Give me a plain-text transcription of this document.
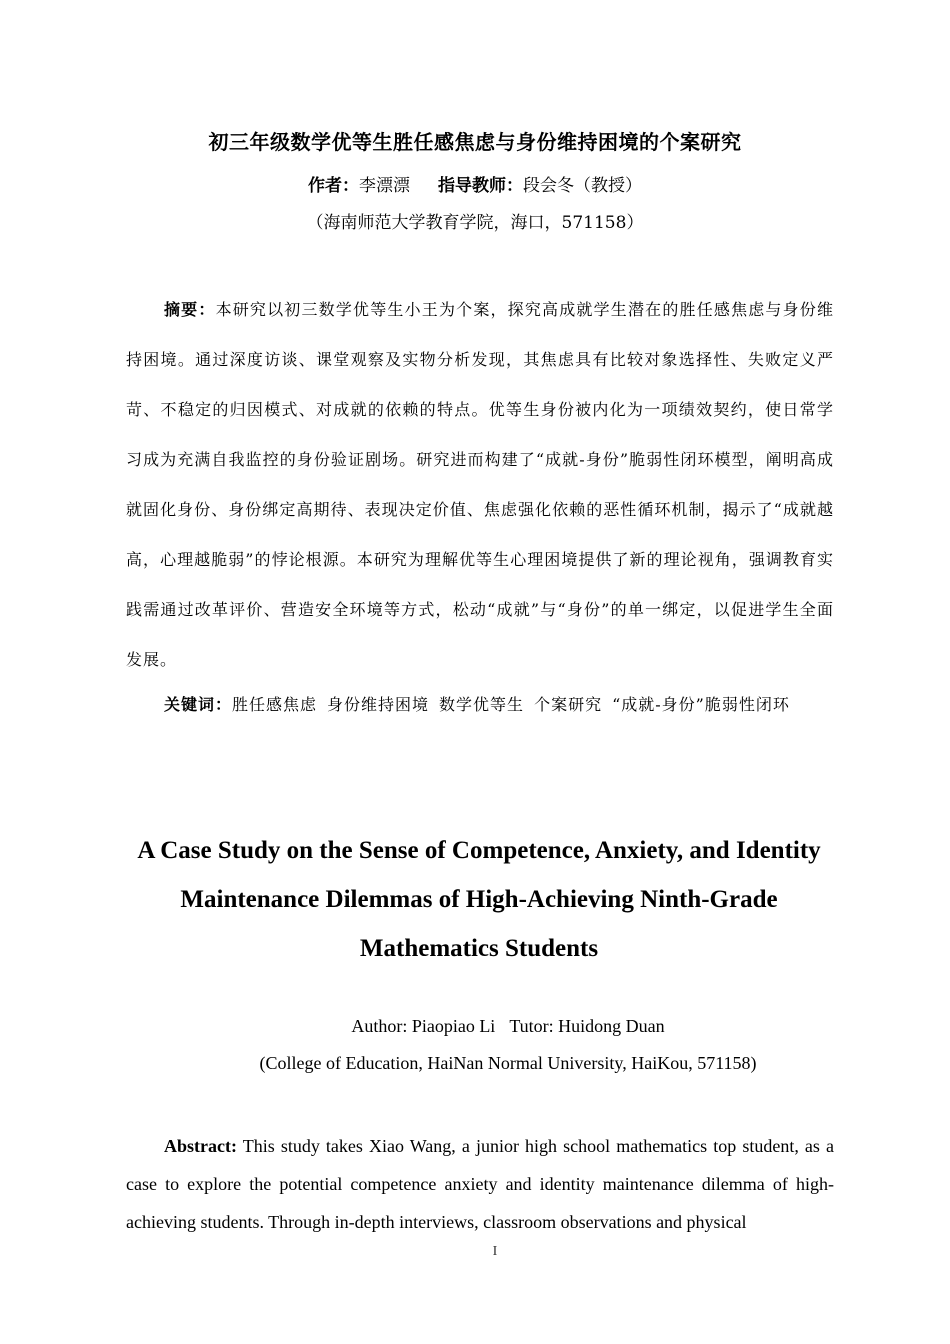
初三年级数学优等生胜任感焦虑与身份维持困境的个案研究
作者：李漂漂 指导教师：段会冬（教授）
（海南师范大学教育学院，海口，571158）

摘要：本研究以初三数学优等生小王为个案，探究高成就学生潜在的胜任感焦虑与身份维持困境。通过深度访谈、课堂观察及实物分析发现，其焦虑具有比较对象选择性、失败定义严苛、不稳定的归因模式、对成就的依赖的特点。优等生身份被内化为一项绩效契约，使日常学习成为充满自我监控的身份验证剧场。研究进而构建了“成就-身份”脆弱性闭环模型，阐明高成就固化身份、身份绑定高期待、表现决定价值、焦虑强化依赖的恶性循环机制，揭示了“成就越高，心理越脆弱”的悖论根源。本研究为理解优等生心理困境提供了新的理论视角，强调教育实践需通过改革评价、营造安全环境等方式，松动“成就”与“身份”的单一绑定，以促进学生全面发展。

关键词：胜任感焦虑 身份维持困境 数学优等生 个案研究 “成就-身份”脆弱性闭环

A Case Study on the Sense of Competence, Anxiety, and Identity Maintenance Dilemmas of High-Achieving Ninth-Grade Mathematics Students

Author: Piaopiao Li Tutor: Huidong Duan
(College of Education, HaiNan Normal University, HaiKou, 571158)

Abstract: This study takes Xiao Wang, a junior high school mathematics top student, as a case to explore the potential competence anxiety and identity maintenance dilemma of high-achieving students. Through in-depth interviews, classroom observations and physical

I
